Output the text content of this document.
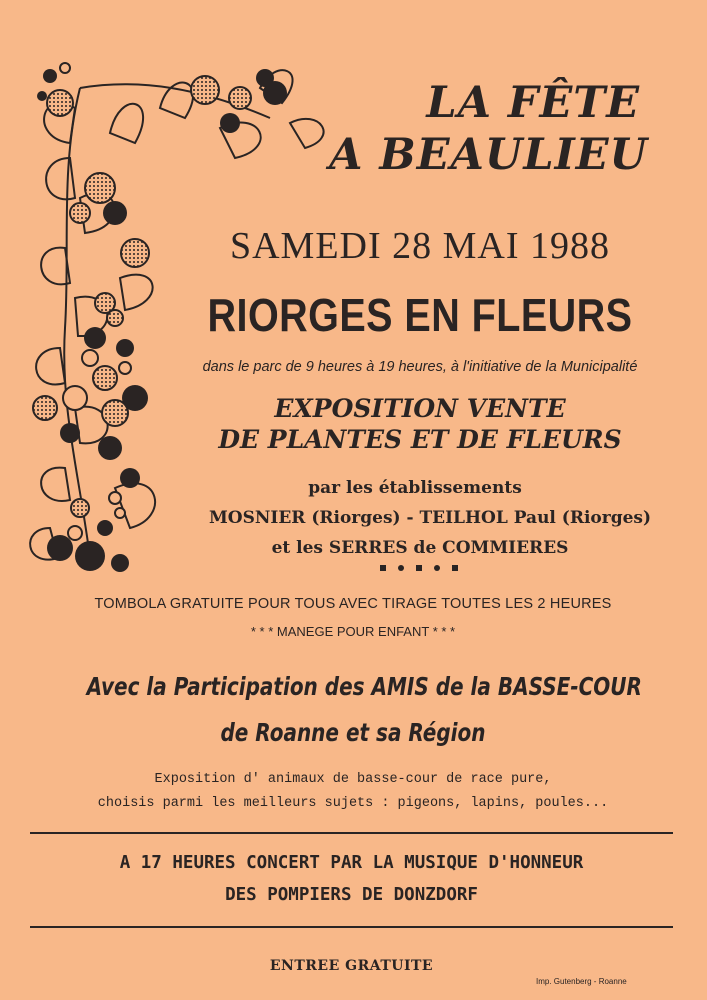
LA FÊTE
A BEAULIEU
SAMEDI 28 MAI 1988
RIORGES EN FLEURS
dans le parc de 9 heures à 19 heures, à l'initiative de la Municipalité
EXPOSITION VENTE
DE PLANTES ET DE FLEURS
par les établissements
MOSNIER (Riorges) - TEILHOL Paul (Riorges)
et les SERRES de COMMIERES
TOMBOLA GRATUITE POUR TOUS AVEC TIRAGE TOUTES LES 2 HEURES
* * * MANEGE POUR ENFANT * * *
Avec la Participation des AMIS de la BASSE-COUR
de Roanne et sa Région
Exposition d' animaux de basse-cour de race pure,
choisis parmi les meilleurs sujets : pigeons, lapins, poules...
A 17 HEURES CONCERT PAR LA MUSIQUE D'HONNEUR
DES POMPIERS DE DONZDORF
ENTREE GRATUITE
Imp. Gutenberg - Roanne
